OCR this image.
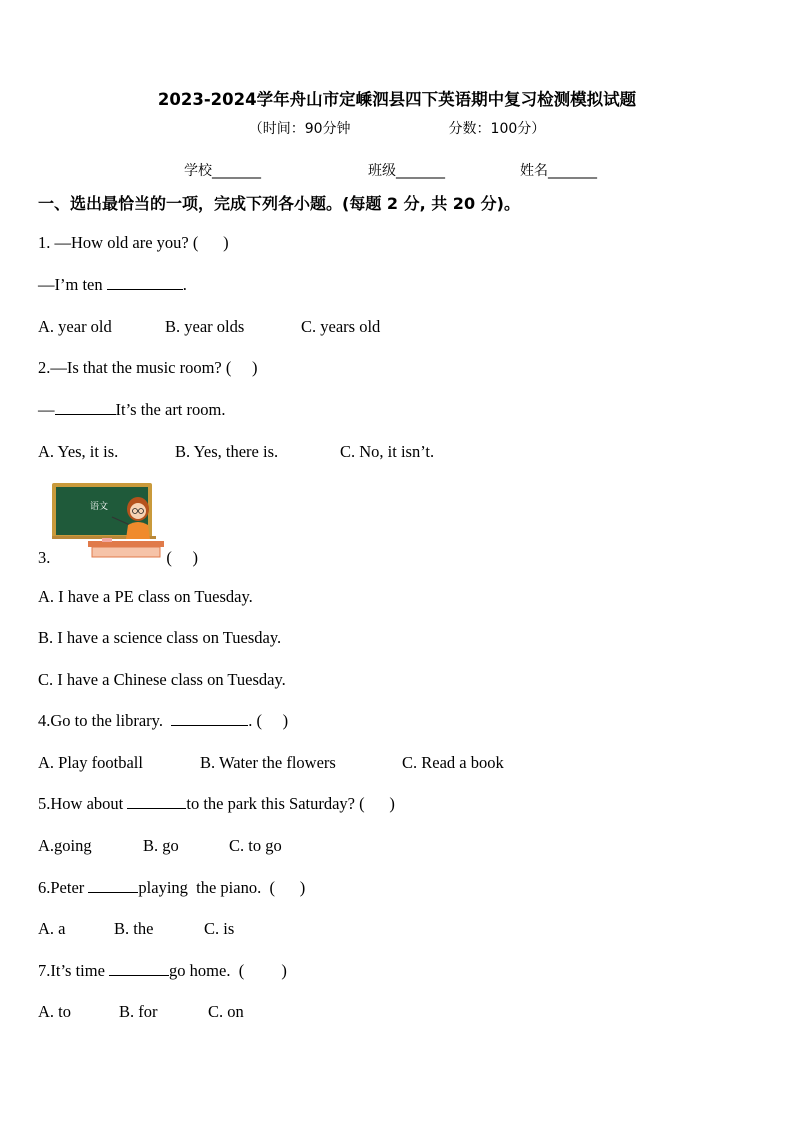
2023-2024学年舟山市定嵊泗县四下英语期中复习检测模拟试题
（时间：90分钟	分数：100分）
学校_______	班级_______	姓名_______
一、选出最恰当的一项，完成下列各小题。(每题 2 分, 共 20 分)。
1. —How old are you? (      )
—I’m ten	.
A. year old	B. year olds	C. years old
2.—Is that the music room? (     )
—	It’s the art room.
A. Yes, it is.	B. Yes, there is.	C. No, it isn’t.
语文
3.	(     )
A. I have a PE class on Tuesday.
B. I have a science class on Tuesday.
C. I have a Chinese class on Tuesday.
4.Go to the library.	. (     )
A. Play football	B. Water the flowers	C. Read a book
5.How about	to the park this Saturday? (      )
A.going	B. go	C. to go
6.Peter	playing  the piano.  (      )
A. a	B. the	C. is
7.It’s time	go home.  (         )
A. to	B. for	C. on
